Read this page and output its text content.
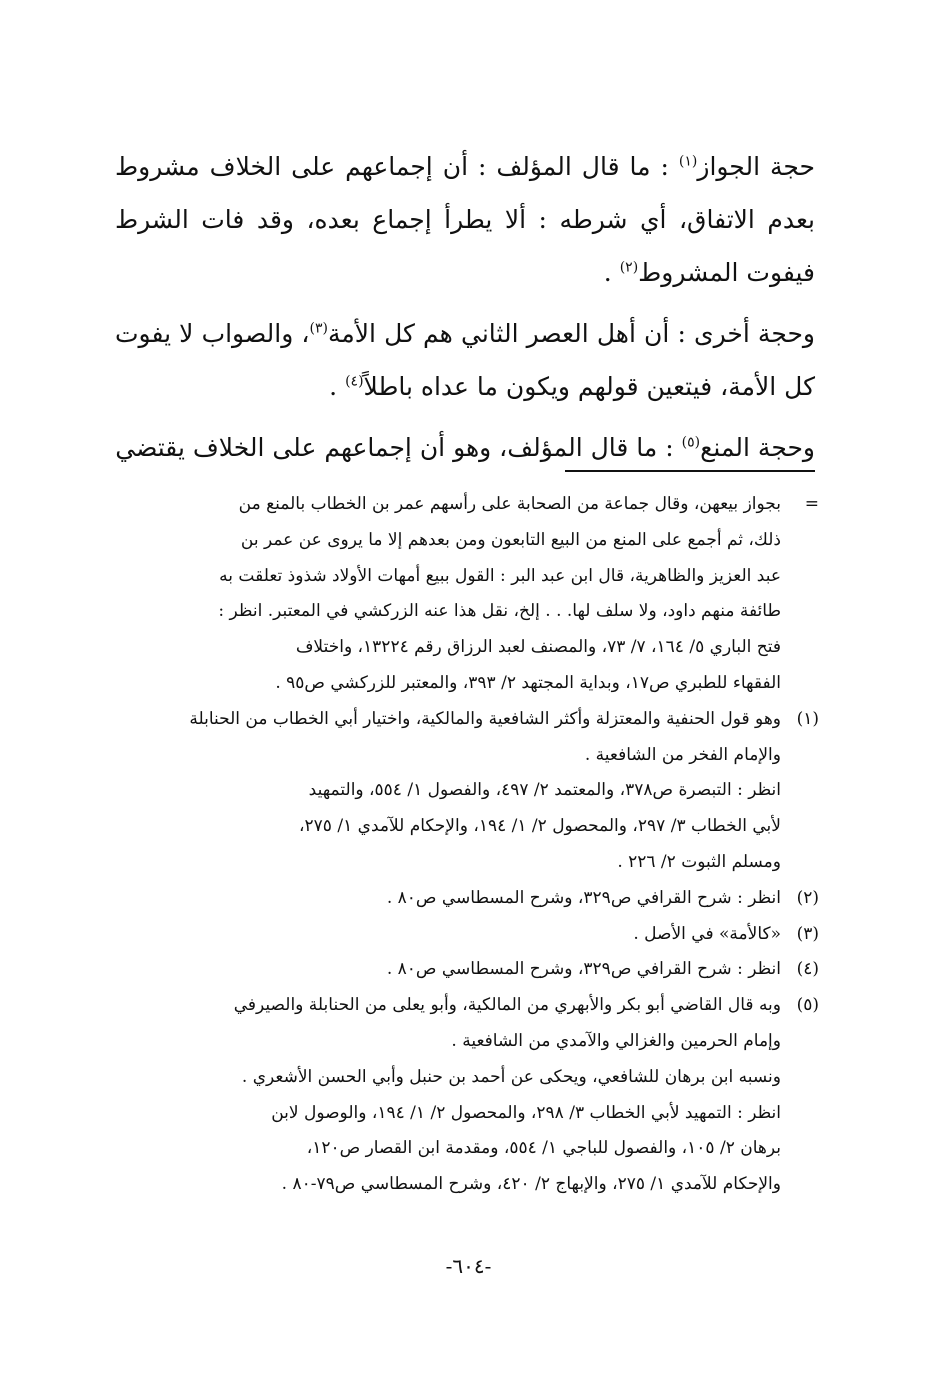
حجة الجواز$^{(١)}$ : ما قال المؤلف : أن إجماعهم على الخلاف مشروط بعدم الاتفاق، أي شرطه : ألا يطرأ إجماع بعده، وقد فات الشرط فيفوت المشروط$^{(٢)}$ .

وحجة أخرى : أن أهل العصر الثاني هم كل الأمة$^{(٣)}$، والصواب لا يفوت كل الأمة، فيتعين قولهم ويكون ما عداه باطلاً$^{(٤)}$ .

وحجة المنع$^{(٥)}$ : ما قال المؤلف، وهو أن إجماعهم على الخلاف يقتضي

=
بجواز بيعهن، وقال جماعة من الصحابة على رأسهم عمر بن الخطاب بالمنع من
ذلك، ثم أجمع على المنع من البيع التابعون ومن بعدهم إلا ما يروى عن عمر بن
عبد العزيز والظاهرية، قال ابن عبد البر : القول ببيع أمهات الأولاد شذوذ تعلقت به
طائفة منهم داود، ولا سلف لها. . . إلخ، نقل هذا عنه الزركشي في المعتبر. انظر :
فتح الباري ٥/ ١٦٤، ٧/ ٧٣، والمصنف لعبد الرزاق رقم ١٣٢٢٤، واختلاف
الفقهاء للطبري ص١٧، وبداية المجتهد ٢/ ٣٩٣، والمعتبر للزركشي ص٩٥ .
(١)
وهو قول الحنفية والمعتزلة وأكثر الشافعية والمالكية، واختيار أبي الخطاب من الحنابلة
والإمام الفخر من الشافعية .
انظر : التبصرة ص٣٧٨، والمعتمد ٢/ ٤٩٧، والفصول ١/ ٥٥٤، والتمهيد
لأبي الخطاب ٣/ ٢٩٧، والمحصول ٢/ ١/ ١٩٤، والإحكام للآمدي ١/ ٢٧٥،
ومسلم الثبوت ٢/ ٢٢٦ .
(٢)
انظر : شرح القرافي ص٣٢٩، وشرح المسطاسي ص٨٠ .
(٣)
«كالأمة» في الأصل .
(٤)
انظر : شرح القرافي ص٣٢٩، وشرح المسطاسي ص٨٠ .
(٥)
وبه قال القاضي أبو بكر والأبهري من المالكية، وأبو يعلى من الحنابلة والصيرفي
وإمام الحرمين والغزالي والآمدي من الشافعية .
ونسبه ابن برهان للشافعي، ويحكى عن أحمد بن حنبل وأبي الحسن الأشعري .
انظر : التمهيد لأبي الخطاب ٣/ ٢٩٨، والمحصول ٢/ ١/ ١٩٤، والوصول لابن
برهان ٢/ ١٠٥، والفصول للباجي ١/ ٥٥٤، ومقدمة ابن القصار ص١٢٠،
والإحكام للآمدي ١/ ٢٧٥، والإبهاج ٢/ ٤٢٠، وشرح المسطاسي ص٧٩-٨٠ .
-٦٠٤-
